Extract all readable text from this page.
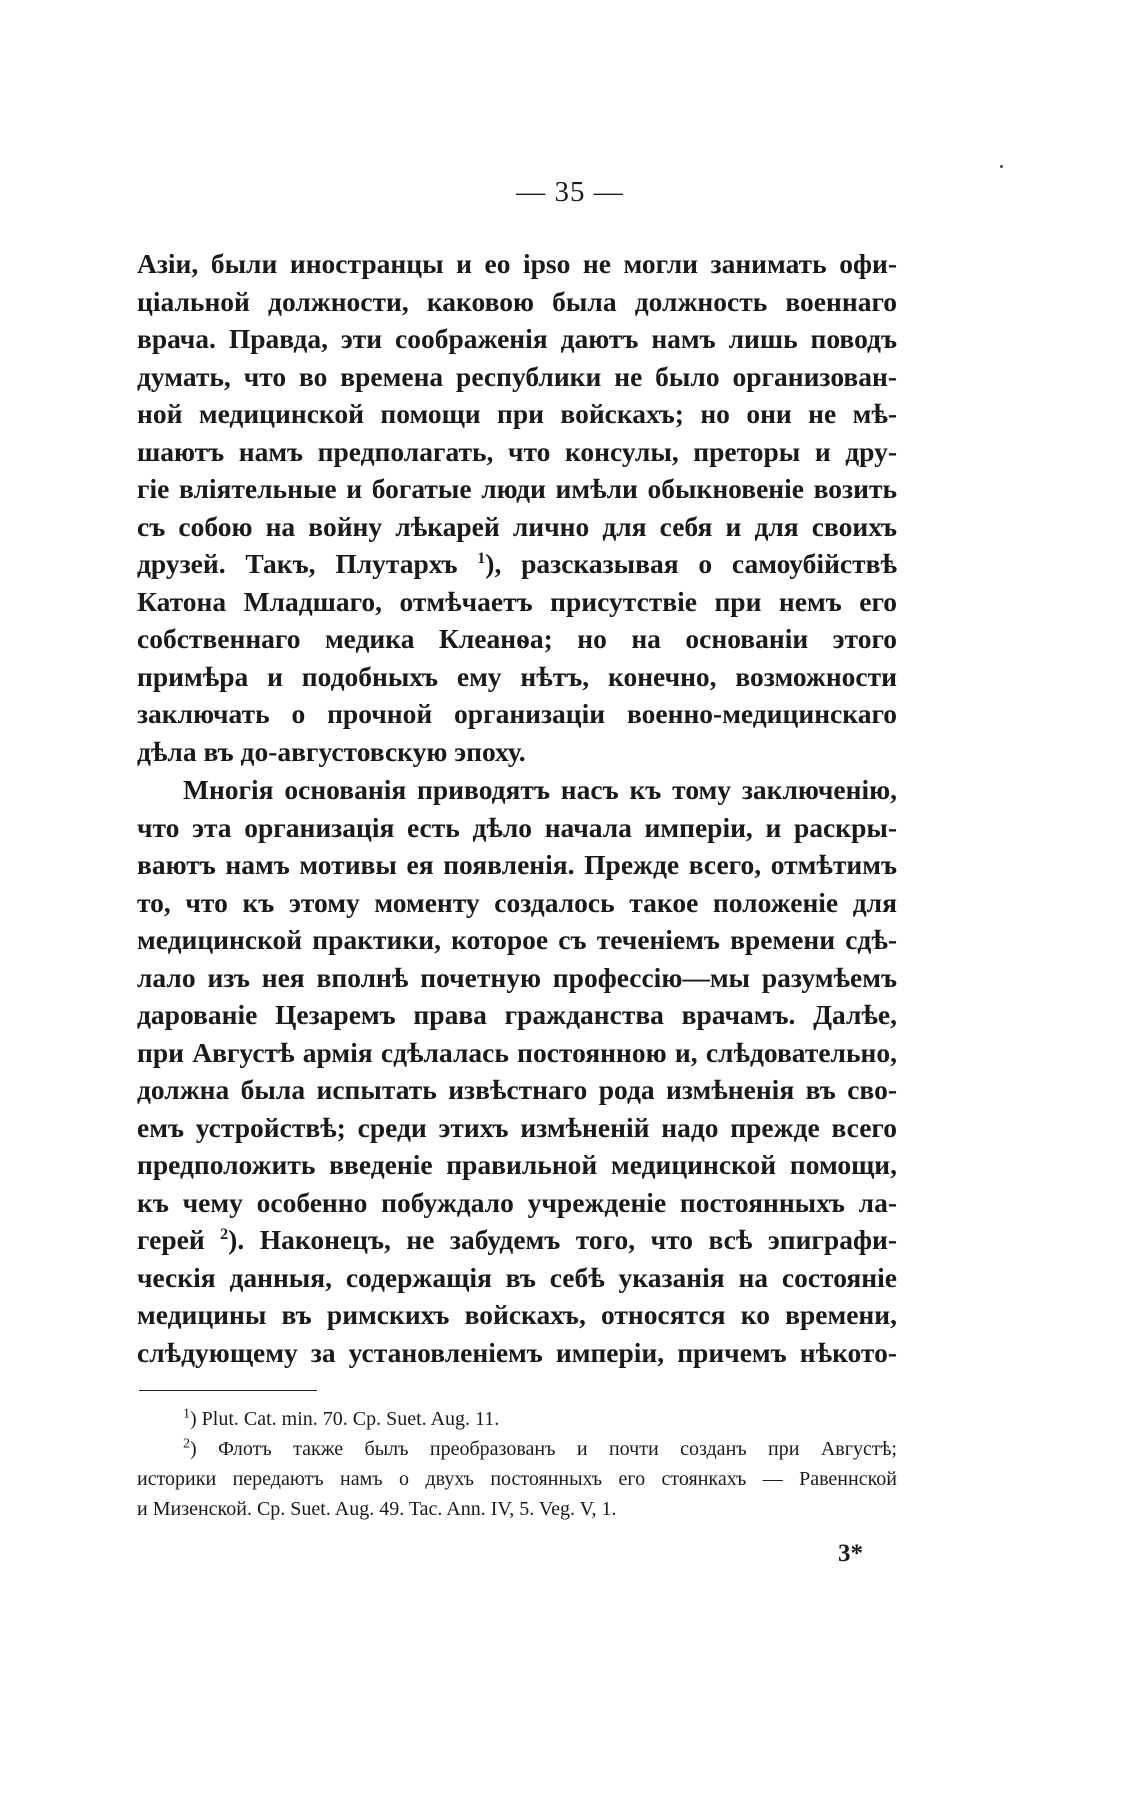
— 35 —
Азіи, были иностранцы и eo ipso не могли занимать офи-
ціальной должности, каковою была должность военнаго
врача. Правда, эти соображенія даютъ намъ лишь поводъ
думать, что во времена республики не было организован-
ной медицинской помощи при войскахъ; но они не мѣ-
шаютъ намъ предполагать, что консулы, преторы и дру-
гіе вліятельные и богатые люди имѣли обыкновеніе возить
съ собою на войну лѣкарей лично для себя и для своихъ
друзей. Такъ, Плутархъ $^1$), разсказывая о самоубійствѣ
Катона Младшаго, отмѣчаетъ присутствіе при немъ его
собственнаго медика Клеанѳа; но на основаніи этого
примѣра и подобныхъ ему нѣтъ, конечно, возможности
заключать о прочной организаціи военно-медицинскаго
дѣла въ до-августовскую эпоху.
Многія основанія приводятъ насъ къ тому заключенію,
что эта организація есть дѣло начала имперіи, и раскры-
ваютъ намъ мотивы ея появленія. Прежде всего, отмѣтимъ
то, что къ этому моменту создалось такое положеніе для
медицинской практики, которое съ теченіемъ времени сдѣ-
лало изъ нея вполнѣ почетную профессію—мы разумѣемъ
дарованіе Цезаремъ права гражданства врачамъ. Далѣе,
при Августѣ армія сдѣлалась постоянною и, слѣдовательно,
должна была испытать извѣстнаго рода измѣненія въ сво-
емъ устройствѣ; среди этихъ измѣненій надо прежде всего
предположить введеніе правильной медицинской помощи,
къ чему особенно побуждало учрежденіе постоянныхъ ла-
герей $^2$). Наконецъ, не забудемъ того, что всѣ эпиграфи-
ческія данныя, содержащія въ себѣ указанія на состояніе
медицины въ римскихъ войскахъ, относятся ко времени,
слѣдующему за установленіемъ имперіи, причемъ нѣкото-
$^1$) Plut. Cat. min. 70. Cp. Suet. Aug. 11.
$^2$) Флотъ также былъ преобразованъ и почти созданъ при Августѣ;
историки передаютъ намъ о двухъ постоянныхъ его стоянкахъ — Равеннской
и Мизенской. Cp. Suet. Aug. 49. Tac. Ann. IV, 5. Veg. V, 1.
3*
